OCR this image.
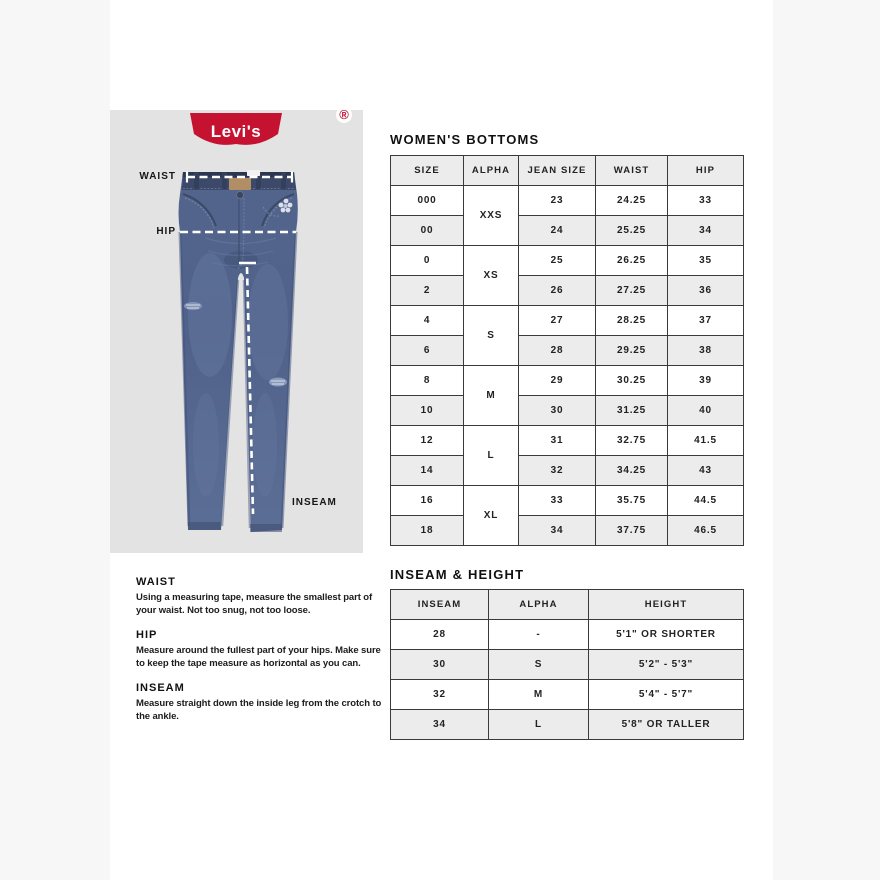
Levi's
®
WAIST
HIP
INSEAM
WOMEN'S BOTTOMS
SIZE	ALPHA	JEAN SIZE	WAIST	HIP
000	XXS	23	24.25	33
00		24	25.25	34
0	XS	25	26.25	35
2		26	27.25	36
4	S	27	28.25	37
6		28	29.25	38
8	M	29	30.25	39
10		30	31.25	40
12	L	31	32.75	41.5
14		32	34.25	43
16	XL	33	35.75	44.5
18		34	37.75	46.5
INSEAM & HEIGHT
INSEAM	ALPHA	HEIGHT
28	-	5'1" OR SHORTER
30	S	5'2" - 5'3"
32	M	5'4" - 5'7"
34	L	5'8" OR TALLER
WAIST

Using a measuring tape, measure the smallest part of your waist. Not too snug, not too loose.

HIP

Measure around the fullest part of your hips. Make sure to keep the tape measure as horizontal as you can.

INSEAM

Measure straight down the inside leg from the crotch to the ankle.
